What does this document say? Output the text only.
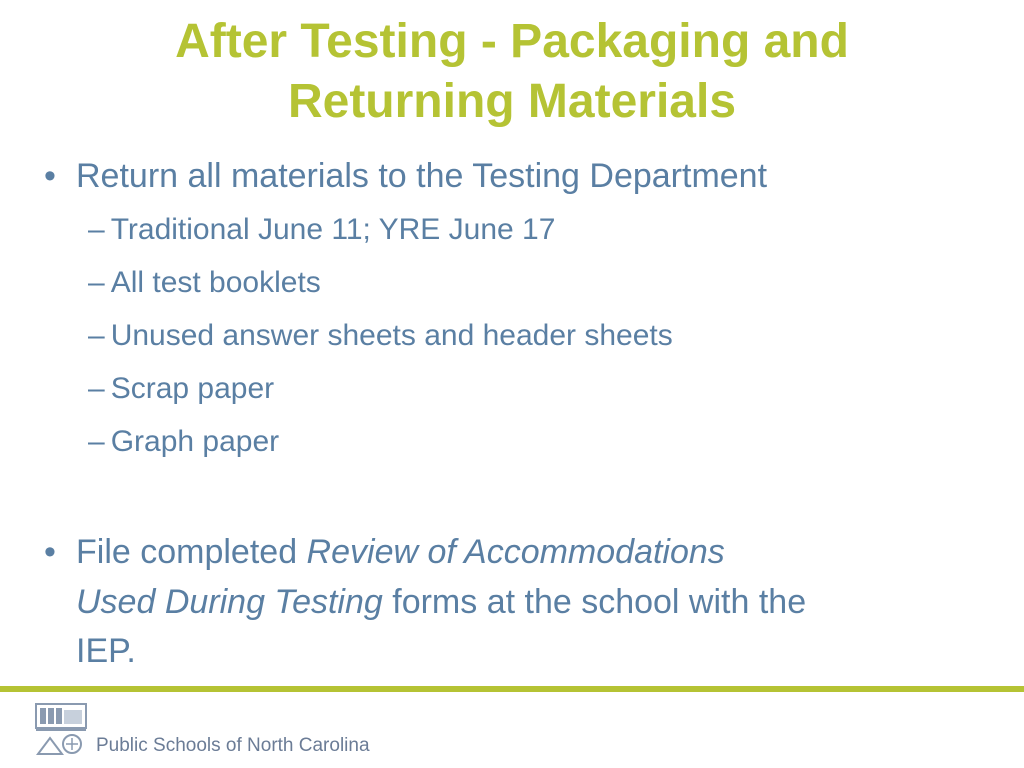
After Testing - Packaging and
Returning Materials
• Return all materials to the Testing Department
– Traditional June 11; YRE June 17
– All test booklets
– Unused answer sheets and header sheets
– Scrap paper
– Graph paper
• File completed Review of Accommodations
Used During Testing forms at the school with the
IEP.
Public Schools of North Carolina
